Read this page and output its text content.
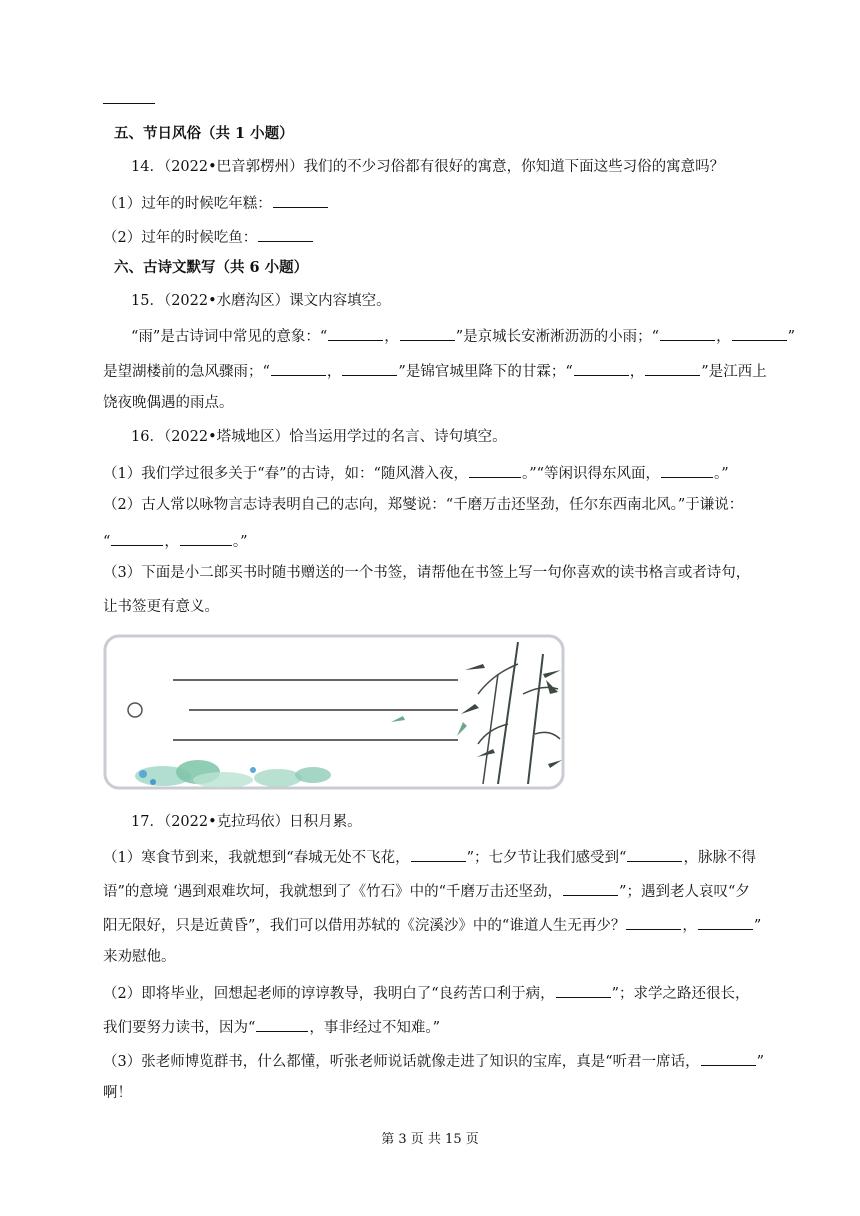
五、节日风俗（共 1 小题）
14．（2022•巴音郭楞州）我们的不少习俗都有很好的寓意，你知道下面这些习俗的寓意吗？
（1）过年的时候吃年糕：
（2）过年的时候吃鱼：
六、古诗文默写（共 6 小题）
15．（2022•水磨沟区）课文内容填空。
“雨”是古诗词中常见的意象：“	，	”是京城长安淅淅沥沥的小雨；“	，	”
是望湖楼前的急风骤雨；“	，	”是锦官城里降下的甘霖；“	，	”是江西上
饶夜晚偶遇的雨点。
16．（2022•塔城地区）恰当运用学过的名言、诗句填空。
（1）我们学过很多关于“春”的古诗，如：“随风潜入夜，	。”“等闲识得东风面，	。”
（2）古人常以咏物言志诗表明自己的志向，郑燮说：“千磨万击还坚劲，任尔东西南北风。”于谦说：
“	，	。”
（3）下面是小二郎买书时随书赠送的一个书签，请帮他在书签上写一句你喜欢的读书格言或者诗句，
让书签更有意义。
17．（2022•克拉玛依）日积月累。
（1）寒食节到来，我就想到“春城无处不飞花，	”；七夕节让我们感受到“	，脉脉不得
语”的意境 ‘遇到艰难坎坷，我就想到了《竹石》中的“千磨万击还坚劲，	”；遇到老人哀叹“夕
阳无限好，只是近黄昏”，我们可以借用苏轼的《浣溪沙》中的“谁道人生无再少？	，	”
来劝慰他。
（2）即将毕业，回想起老师的谆谆教导，我明白了“良药苦口利于病，	”；求学之路还很长，
我们要努力读书，因为“	，事非经过不知难。”
（3）张老师博览群书，什么都懂，听张老师说话就像走进了知识的宝库，真是“听君一席话，	”
啊！
第 3 页 共 15 页
